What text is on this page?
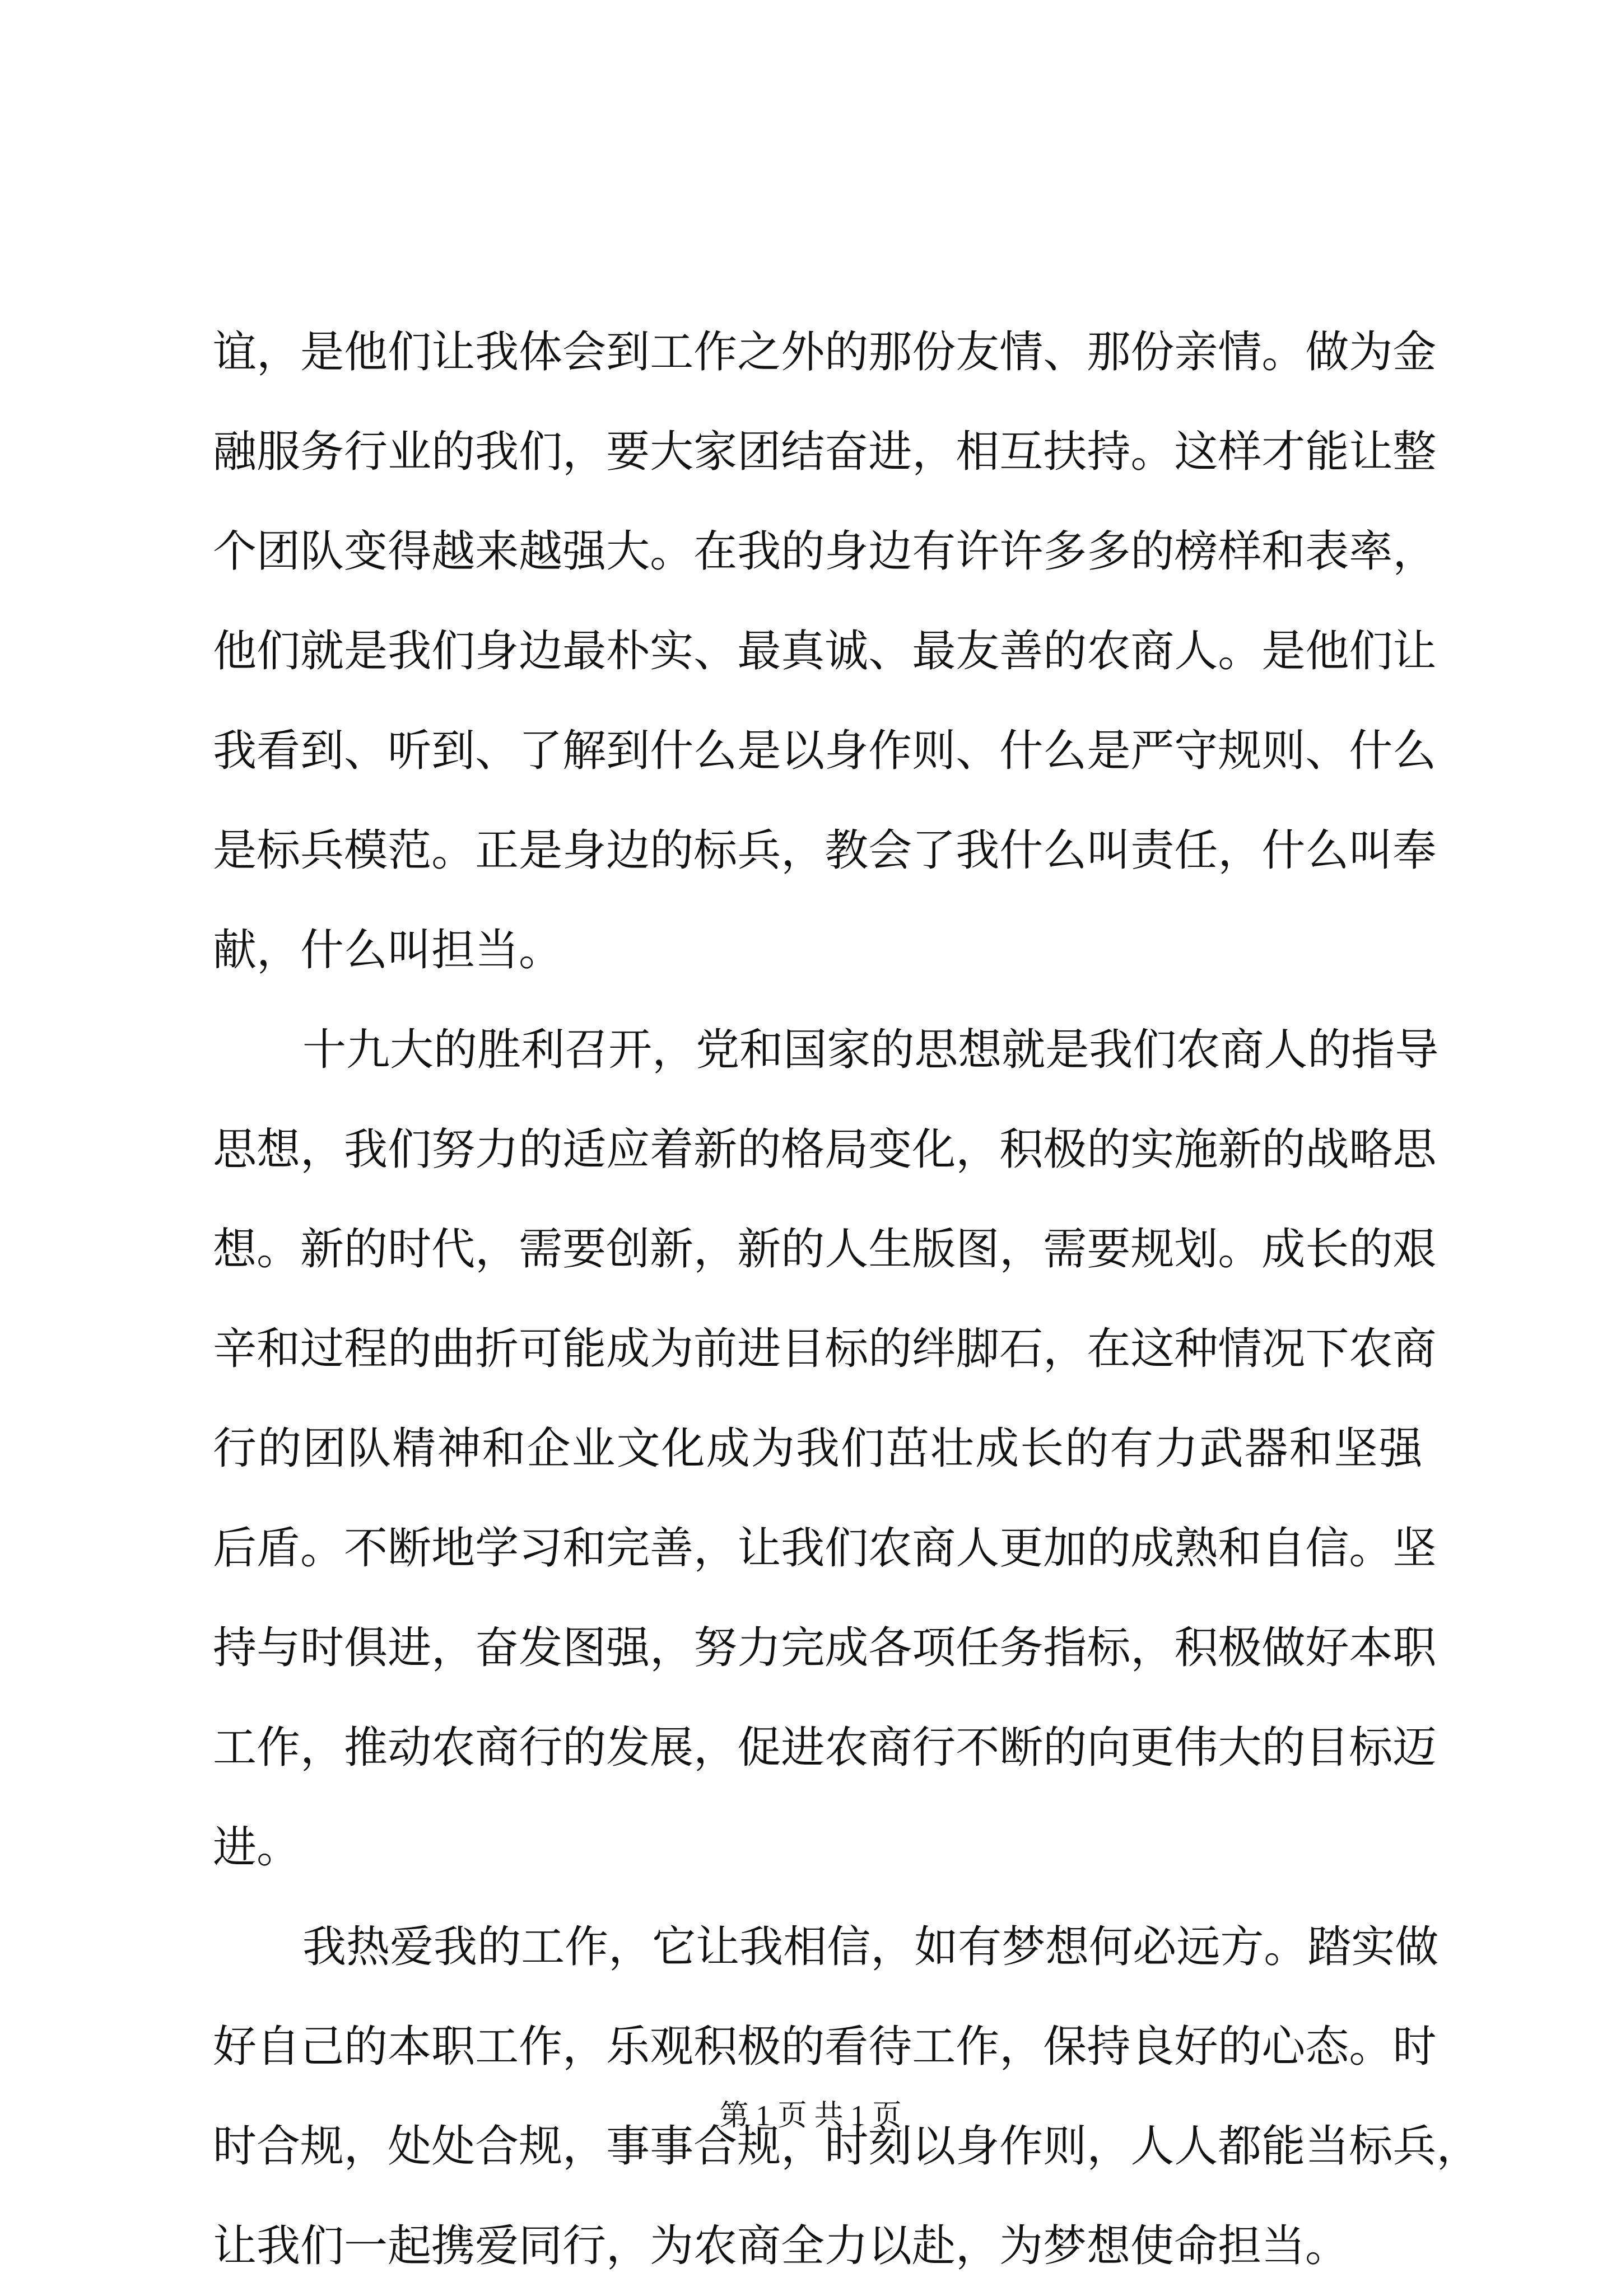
谊 ， 是 他 们 让 我 体 会 到 工 作 之 外 的 那 份 友 情 、 那 份 亲 情 。 做 为 金
融 服 务 行 业 的 我 们 ， 要 大 家 团 结 奋 进 ， 相 互 扶 持 。 这 样 才 能 让 整
个 团 队 变 得 越 来 越 强 大 。 在 我 的 身 边 有 许 许 多 多 的 榜 样 和 表 率 ，
他 们 就 是 我 们 身 边 最 朴 实 、 最 真 诚 、 最 友 善 的 农 商 人 。 是 他 们 让
我 看 到 、 听 到 、 了 解 到 什 么 是 以 身 作 则 、 什 么 是 严 守 规 则 、 什 么
是 标 兵 模 范 。 正 是 身 边 的 标 兵 ， 教 会 了 我 什 么 叫 责 任 ， 什 么 叫 奉
献，什么叫担当。
十 九 大 的 胜 利 召 开 ， 党 和 国 家 的 思 想 就 是 我 们 农 商 人 的 指 导
思 想 ， 我 们 努 力 的 适 应 着 新 的 格 局 变 化 ， 积 极 的 实 施 新 的 战 略 思
想 。 新 的 时 代 ， 需 要 创 新 ， 新 的 人 生 版 图 ， 需 要 规 划 。 成 长 的 艰
辛 和 过 程 的 曲 折 可 能 成 为 前 进 目 标 的 绊 脚 石 ， 在 这 种 情 况 下 农 商
行 的 团 队 精 神 和 企 业 文 化 成 为 我 们 茁 壮 成 长 的 有 力 武 器 和 坚 强
后 盾 。 不 断 地 学 习 和 完 善 ， 让 我 们 农 商 人 更 加 的 成 熟 和 自 信 。 坚
持 与 时 俱 进 ， 奋 发 图 强 ， 努 力 完 成 各 项 任 务 指 标 ， 积 极 做 好 本 职
工 作 ， 推 动 农 商 行 的 发 展 ， 促 进 农 商 行 不 断 的 向 更 伟 大 的 目 标 迈
进。
我 热 爱 我 的 工 作 ， 它 让 我 相 信 ， 如 有 梦 想 何 必 远 方 。 踏 实 做
好 自 己 的 本 职 工 作 ， 乐 观 积 极 的 看 待 工 作 ， 保 持 良 好 的 心 态 。 时
时 合 规 ， 处 处 合 规 ， 事 事 合 规 ， 时 刻 以 身 作 则 ， 人 人 都 能 当 标 兵 ，
让我们一起携爱同行，为农商全力以赴，为梦想使命担当。
第 1 页 共 1 页
